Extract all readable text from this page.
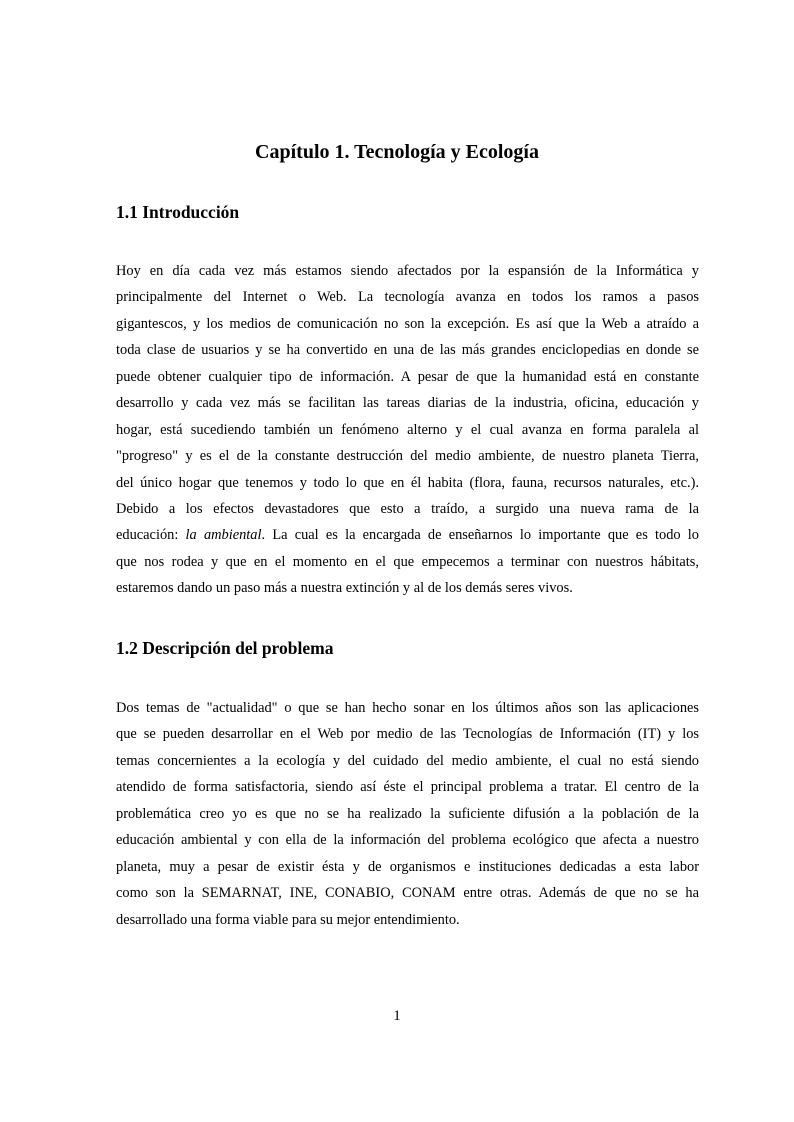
Capítulo 1. Tecnología y Ecología
1.1 Introducción
Hoy en día cada vez más estamos siendo afectados por la espansión de la Informática y
principalmente del Internet o Web. La tecnología avanza en todos los ramos a pasos
gigantescos, y los medios de comunicación no son la excepción. Es así que la Web a atraído a
toda clase de usuarios y se ha convertido en una de las más grandes enciclopedias en donde se
puede obtener cualquier tipo de información. A pesar de que la humanidad está en constante
desarrollo y cada vez más se facilitan las tareas diarias de la industria, oficina, educación y
hogar, está sucediendo también un fenómeno alterno y el cual avanza en forma paralela al
"progreso" y es el de la constante destrucción del medio ambiente, de nuestro planeta Tierra,
del único hogar que tenemos y todo lo que en él habita (flora, fauna, recursos naturales, etc.).
Debido a los efectos devastadores que esto a traído, a surgido una nueva rama de la
educación: la ambiental. La cual es la encargada de enseñarnos lo importante que es todo lo
que nos rodea y que en el momento en el que empecemos a terminar con nuestros hábitats,
estaremos dando un paso más a nuestra extinción y al de los demás seres vivos.
1.2 Descripción del problema
Dos temas de "actualidad" o que se han hecho sonar en los últimos años son las aplicaciones
que se pueden desarrollar en el Web por medio de las Tecnologías de Información (IT) y los
temas concernientes a la ecología y del cuidado del medio ambiente, el cual no está siendo
atendido de forma satisfactoria, siendo así éste el principal problema a tratar. El centro de la
problemática creo yo es que no se ha realizado la suficiente difusión a la población de la
educación ambiental y con ella de la información del problema ecológico que afecta a nuestro
planeta, muy a pesar de existir ésta y de organismos e instituciones dedicadas a esta labor
como son la SEMARNAT, INE, CONABIO, CONAM entre otras. Además de que no se ha
desarrollado una forma viable para su mejor entendimiento.
1
